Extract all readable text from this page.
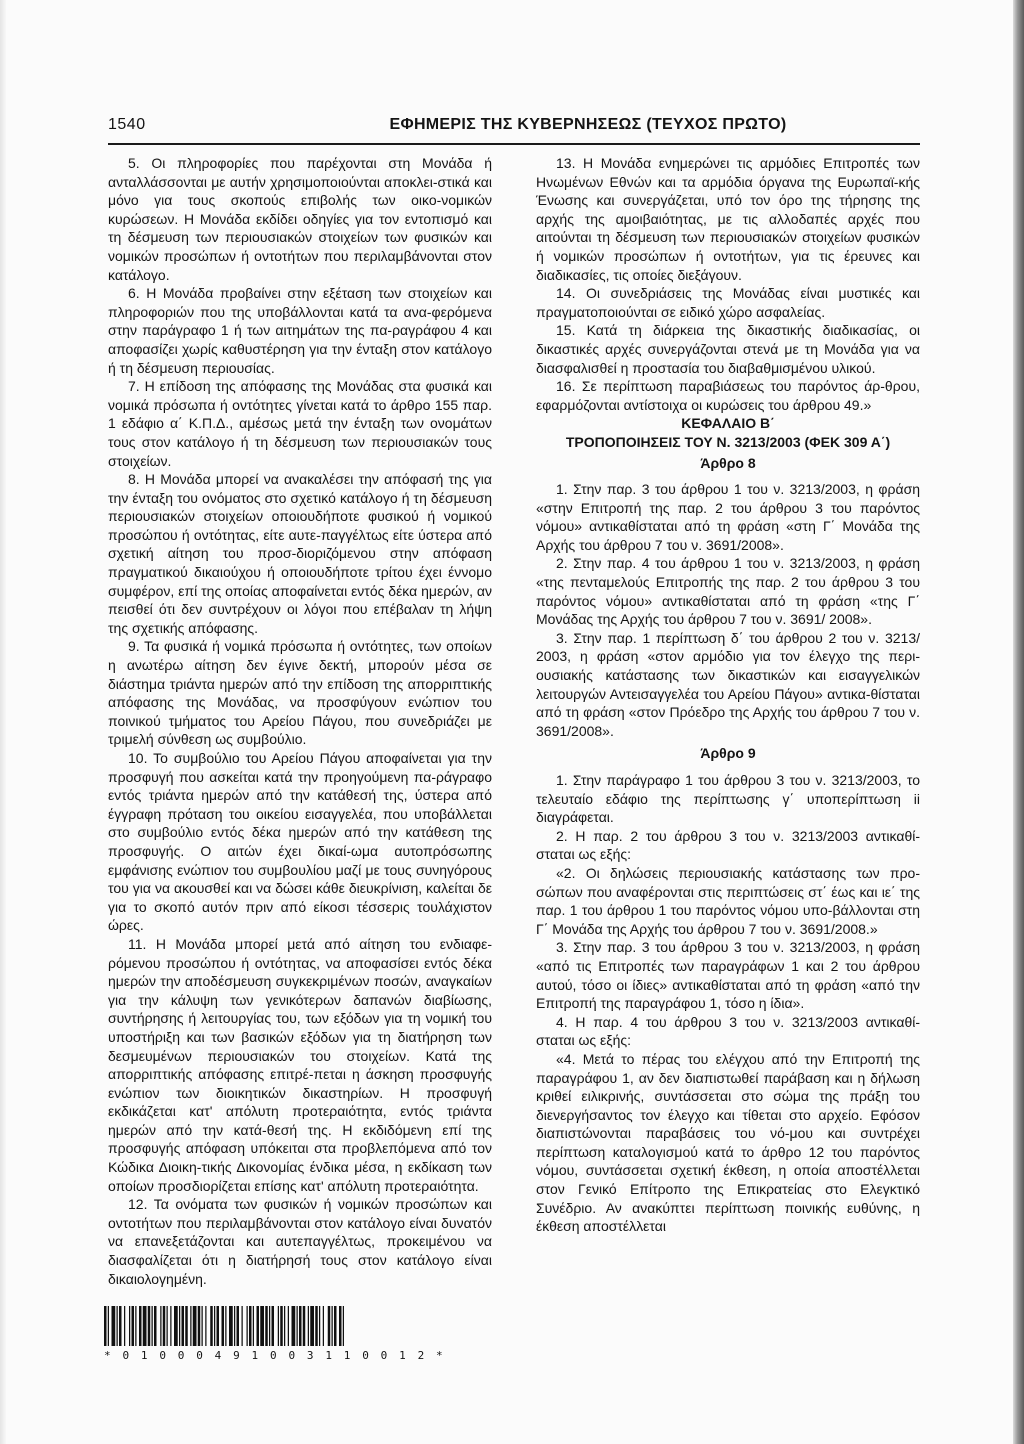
1540	ΕΦΗΜΕΡΙΣ ΤΗΣ ΚΥΒΕΡΝΗΣΕΩΣ (ΤΕΥΧΟΣ ΠΡΩΤΟ)

5. Οι πληροφορίες που παρέχονται στη Μονάδα ή ανταλλάσσονται με αυτήν χρησιμοποιούνται αποκλει-στικά και μόνο για τους σκοπούς επιβολής των οικο-νομικών κυρώσεων. Η Μονάδα εκδίδει οδηγίες για τον εντοπισμό και τη δέσμευση των περιουσιακών στοιχείων των φυσικών και νομικών προσώπων ή οντοτήτων που περιλαμβάνονται στον κατάλογο.

6. Η Μονάδα προβαίνει στην εξέταση των στοιχείων και πληροφοριών που της υποβάλλονται κατά τα ανα-φερόμενα στην παράγραφο 1 ή των αιτημάτων της πα-ραγράφου 4 και αποφασίζει χωρίς καθυστέρηση για την ένταξη στον κατάλογο ή τη δέσμευση περιουσίας.

7. Η επίδοση της απόφασης της Μονάδας στα φυσικά και νομικά πρόσωπα ή οντότητες γίνεται κατά το άρθρο 155 παρ. 1 εδάφιο α΄ Κ.Π.Δ., αμέσως μετά την ένταξη των ονομάτων τους στον κατάλογο ή τη δέσμευση των περιουσιακών τους στοιχείων.

8. Η Μονάδα μπορεί να ανακαλέσει την απόφασή της για την ένταξη του ονόματος στο σχετικό κατάλογο ή τη δέσμευση περιουσιακών στοιχείων οποιουδήποτε φυσικού ή νομικού προσώπου ή οντότητας, είτε αυτε-παγγέλτως είτε ύστερα από σχετική αίτηση του προσ-διοριζόμενου στην απόφαση πραγματικού δικαιούχου ή οποιουδήποτε τρίτου έχει έννομο συμφέρον, επί της οποίας αποφαίνεται εντός δέκα ημερών, αν πεισθεί ότι δεν συντρέχουν οι λόγοι που επέβαλαν τη λήψη της σχετικής απόφασης.

9. Τα φυσικά ή νομικά πρόσωπα ή οντότητες, των οποίων η ανωτέρω αίτηση δεν έγινε δεκτή, μπορούν μέσα σε διάστημα τριάντα ημερών από την επίδοση της απορριπτικής απόφασης της Μονάδας, να προσφύγουν ενώπιον του ποινικού τμήματος του Αρείου Πάγου, που συνεδριάζει με τριμελή σύνθεση ως συμβούλιο.

10. Το συμβούλιο του Αρείου Πάγου αποφαίνεται για την προσφυγή που ασκείται κατά την προηγούμενη πα-ράγραφο εντός τριάντα ημερών από την κατάθεσή της, ύστερα από έγγραφη πρόταση του οικείου εισαγγελέα, που υποβάλλεται στο συμβούλιο εντός δέκα ημερών από την κατάθεση της προσφυγής. Ο αιτών έχει δικαί-ωμα αυτοπρόσωπης εμφάνισης ενώπιον του συμβουλίου μαζί με τους συνηγόρους του για να ακουσθεί και να δώσει κάθε διευκρίνιση, καλείται δε για το σκοπό αυτόν πριν από είκοσι τέσσερις τουλάχιστον ώρες.

11. Η Μονάδα μπορεί μετά από αίτηση του ενδιαφε-ρόμενου προσώπου ή οντότητας, να αποφασίσει εντός δέκα ημερών την αποδέσμευση συγκεκριμένων ποσών, αναγκαίων για την κάλυψη των γενικότερων δαπανών διαβίωσης, συντήρησης ή λειτουργίας του, των εξόδων για τη νομική του υποστήριξη και των βασικών εξόδων για τη διατήρηση των δεσμευμένων περιουσιακών του στοιχείων. Κατά της απορριπτικής απόφασης επιτρέ-πεται η άσκηση προσφυγής ενώπιον των διοικητικών δικαστηρίων. Η προσφυγή εκδικάζεται κατ' απόλυτη προτεραιότητα, εντός τριάντα ημερών από την κατά-θεσή της. Η εκδιδόμενη επί της προσφυγής απόφαση υπόκειται στα προβλεπόμενα από τον Κώδικα Διοικη-τικής Δικονομίας ένδικα μέσα, η εκδίκαση των οποίων προσδιορίζεται επίσης κατ' απόλυτη προτεραιότητα.

12. Τα ονόματα των φυσικών ή νομικών προσώπων και οντοτήτων που περιλαμβάνονται στον κατάλογο είναι δυνατόν να επανεξετάζονται και αυτεπαγγέλτως, προκειμένου να διασφαλίζεται ότι η διατήρησή τους στον κατάλογο είναι δικαιολογημένη.

13. Η Μονάδα ενημερώνει τις αρμόδιες Επιτροπές των Ηνωμένων Εθνών και τα αρμόδια όργανα της Ευρωπαϊ-κής Ένωσης και συνεργάζεται, υπό τον όρο της τήρησης της αρχής της αμοιβαιότητας, με τις αλλοδαπές αρχές που αιτούνται τη δέσμευση των περιουσιακών στοιχείων φυσικών ή νομικών προσώπων ή οντοτήτων, για τις έρευνες και διαδικασίες, τις οποίες διεξάγουν.

14. Οι συνεδριάσεις της Μονάδας είναι μυστικές και πραγματοποιούνται σε ειδικό χώρο ασφαλείας.

15. Κατά τη διάρκεια της δικαστικής διαδικασίας, οι δικαστικές αρχές συνεργάζονται στενά με τη Μονάδα για να διασφαλισθεί η προστασία του διαβαθμισμένου υλικού.

16. Σε περίπτωση παραβιάσεως του παρόντος άρ-θρου, εφαρμόζονται αντίστοιχα οι κυρώσεις του άρθρου 49.»

ΚΕΦΑΛΑΙΟ Β΄

ΤΡΟΠΟΠΟΙΗΣΕΙΣ ΤΟΥ Ν. 3213/2003 (ΦΕΚ 309 Α΄)

Άρθρο 8

1. Στην παρ. 3 του άρθρου 1 του ν. 3213/2003, η φράση «στην Επιτροπή της παρ. 2 του άρθρου 3 του παρόντος νόμου» αντικαθίσταται από τη φράση «στη Γ΄ Μονάδα της Αρχής του άρθρου 7 του ν. 3691/2008».

2. Στην παρ. 4 του άρθρου 1 του ν. 3213/2003, η φράση «της πενταμελούς Επιτροπής της παρ. 2 του άρθρου 3 του παρόντος νόμου» αντικαθίσταται από τη φράση «της Γ΄ Μονάδας της Αρχής του άρθρου 7 του ν. 3691/ 2008».

3. Στην παρ. 1 περίπτωση δ΄ του άρθρου 2 του ν. 3213/ 2003, η φράση «στον αρμόδιο για τον έλεγχο της περι-ουσιακής κατάστασης των δικαστικών και εισαγγελικών λειτουργών Αντεισαγγελέα του Αρείου Πάγου» αντικα-θίσταται από τη φράση «στον Πρόεδρο της Αρχής του άρθρου 7 του ν. 3691/2008».

Άρθρο 9

1. Στην παράγραφο 1 του άρθρου 3 του ν. 3213/2003, το τελευταίο εδάφιο της περίπτωσης γ΄ υποπερίπτωση ii διαγράφεται.

2. Η παρ. 2 του άρθρου 3 του ν. 3213/2003 αντικαθί-σταται ως εξής:

«2. Οι δηλώσεις περιουσιακής κατάστασης των προ-σώπων που αναφέρονται στις περιπτώσεις στ΄ έως και ιε΄ της παρ. 1 του άρθρου 1 του παρόντος νόμου υπο-βάλλονται στη Γ΄ Μονάδα της Αρχής του άρθρου 7 του ν. 3691/2008.»

3. Στην παρ. 3 του άρθρου 3 του ν. 3213/2003, η φράση «από τις Επιτροπές των παραγράφων 1 και 2 του άρθρου αυτού, τόσο οι ίδιες» αντικαθίσταται από τη φράση «από την Επιτροπή της παραγράφου 1, τόσο η ίδια».

4. Η παρ. 4 του άρθρου 3 του ν. 3213/2003 αντικαθί-σταται ως εξής:

«4. Μετά το πέρας του ελέγχου από την Επιτροπή της παραγράφου 1, αν δεν διαπιστωθεί παράβαση και η δήλωση κριθεί ειλικρινής, συντάσσεται στο σώμα της πράξη του διενεργήσαντος τον έλεγχο και τίθεται στο αρχείο. Εφόσον διαπιστώνονται παραβάσεις του νό-μου και συντρέχει περίπτωση καταλογισμού κατά το άρθρο 12 του παρόντος νόμου, συντάσσεται σχετική έκθεση, η οποία αποστέλλεται στον Γενικό Επίτροπο της Επικρατείας στο Ελεγκτικό Συνέδριο. Αν ανακύπτει περίπτωση ποινικής ευθύνης, η έκθεση αποστέλλεται

* 0 1 0 0 0 4 9 1 0 0 3 1 1 0 0 1 2 *
